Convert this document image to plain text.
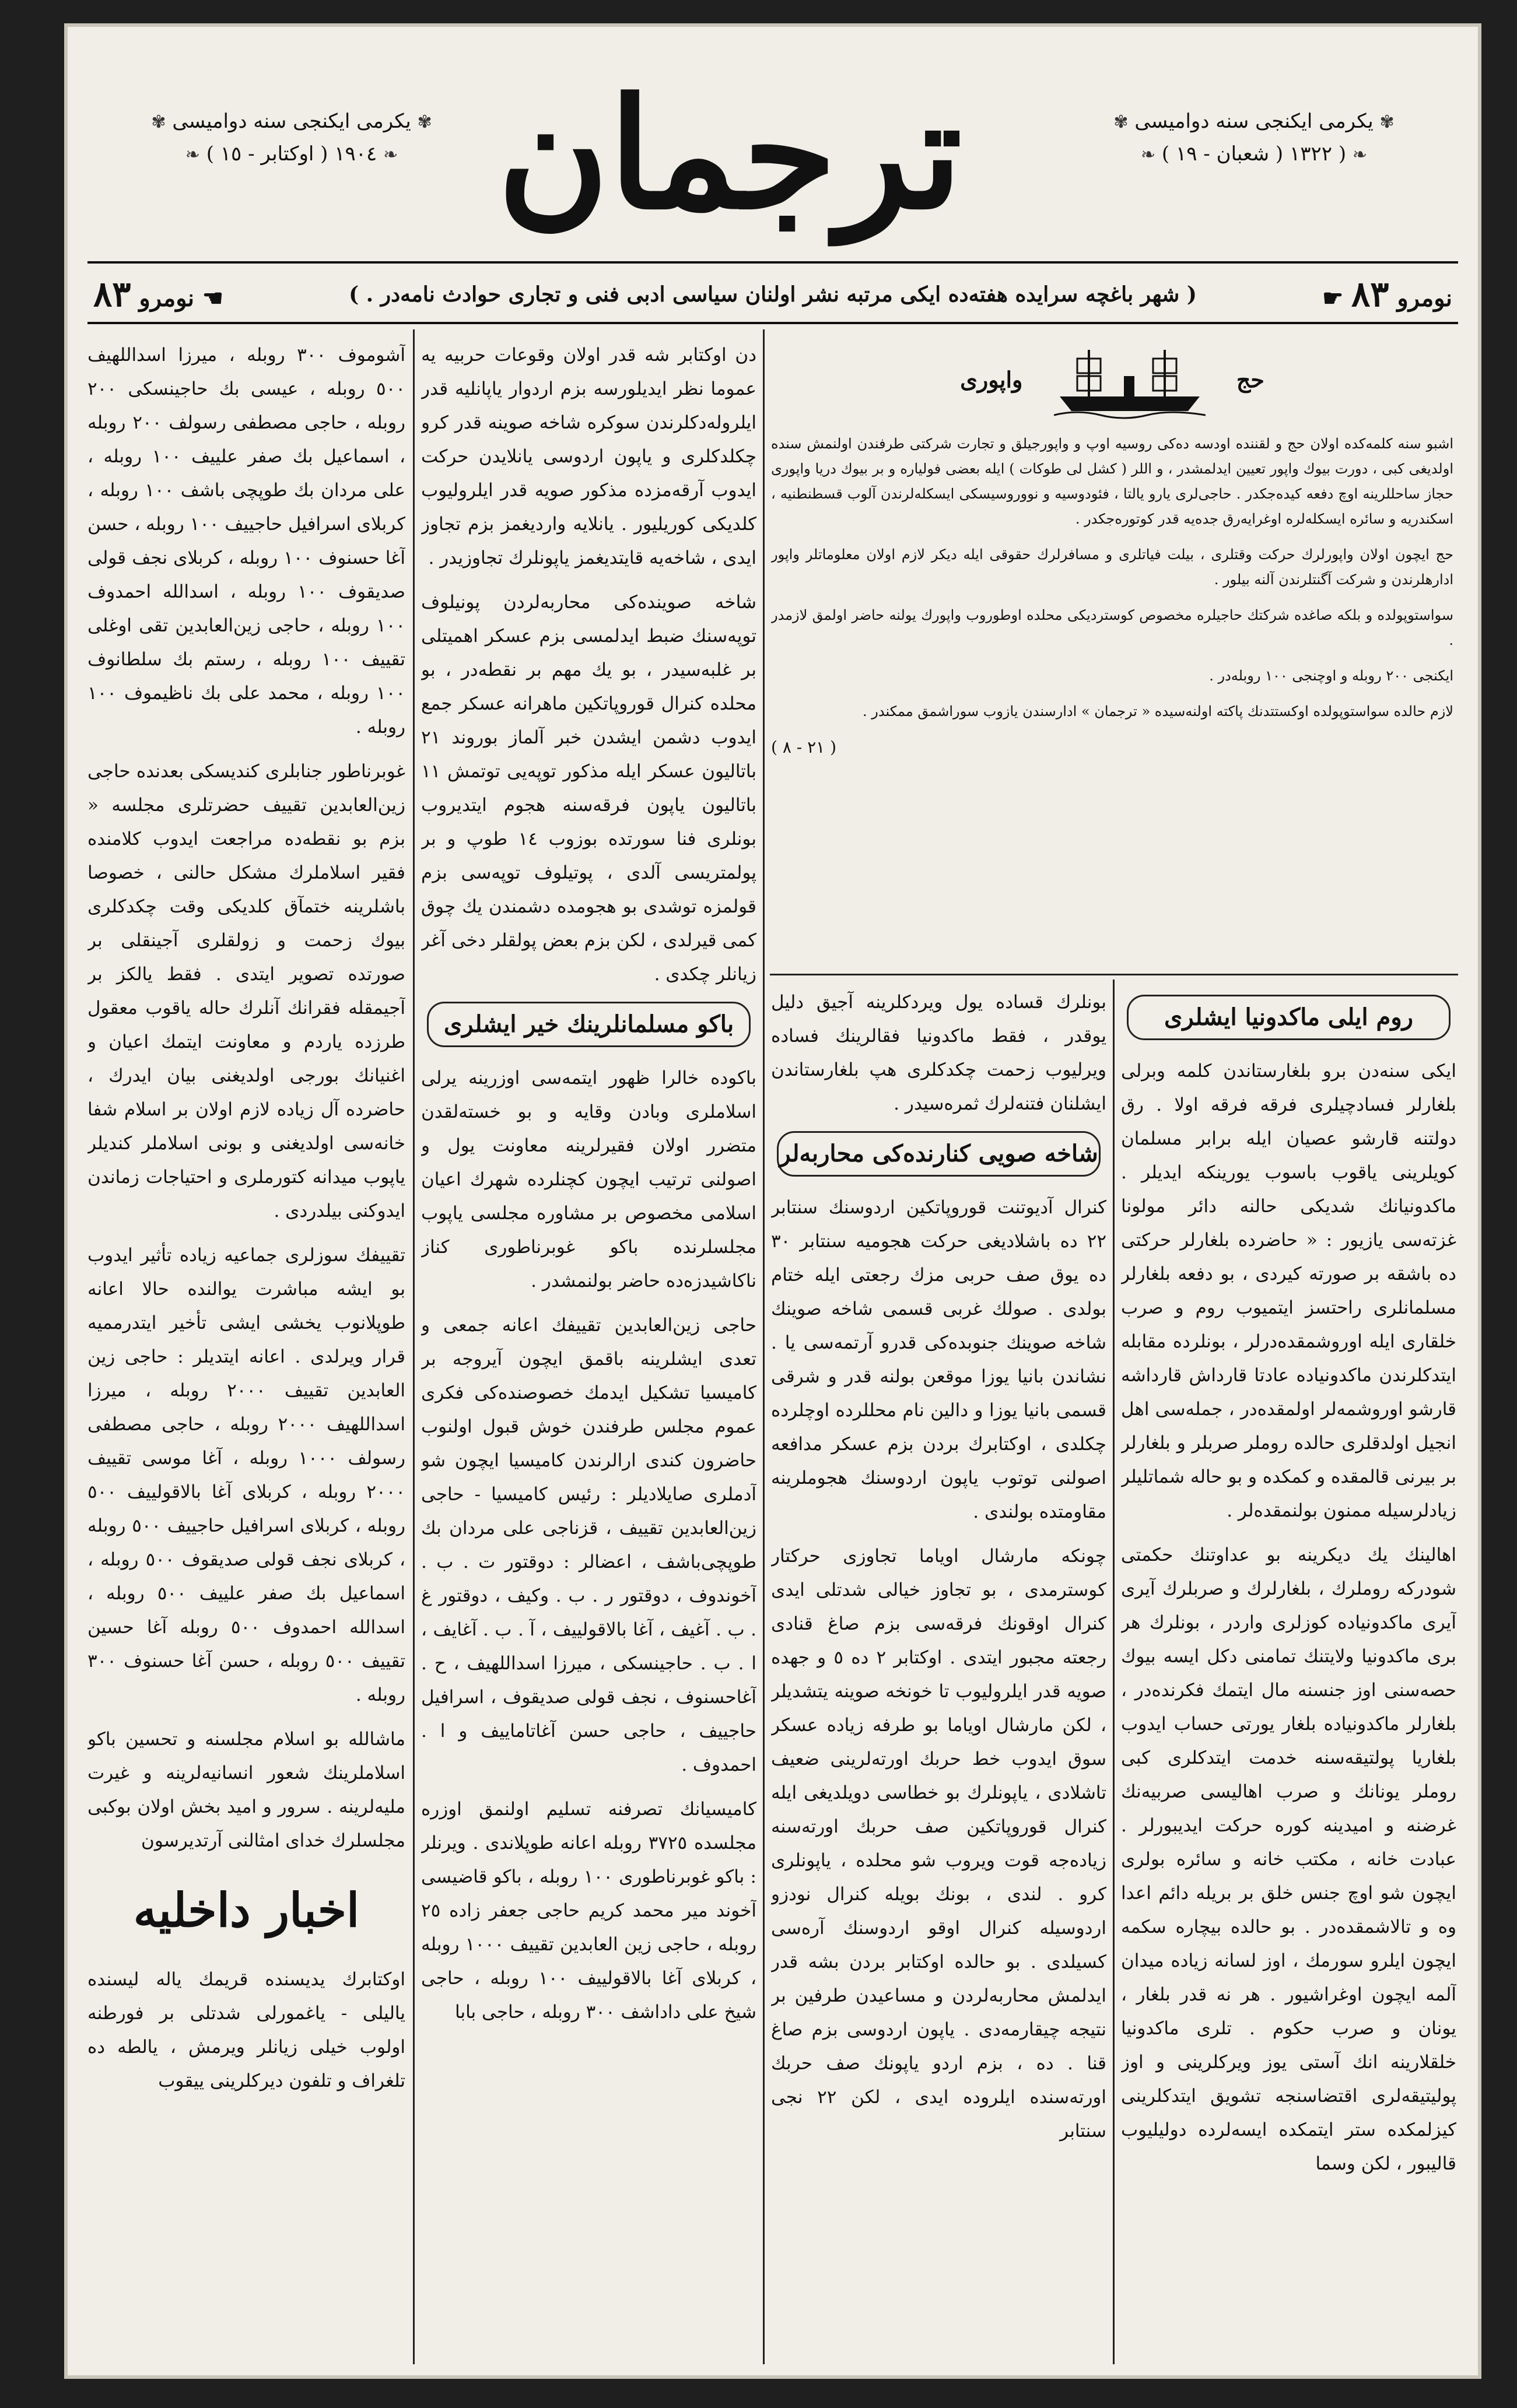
✾ یکرمی ایکنجی سنه دوامیسی ✾
❧ ١٩٠٤ ( اوکتابر - ١٥ ) ❧	ترجمان	✾ یکرمی ایکنجی سنه دوامیسی ✾
❧ ( ١٣٢٢ ( شعبان - ١٩ ) ❧
نومرو ٨٣ ☛
( شهر باغچه سرایده هفته‌ده ایکی مرتبه نشر اولنان سیاسی ادبی فنی و تجاری حوادث نامه‌در . )
☚ نومرو ٨٣

آشوموف ٣٠٠ روبله ، میرزا اسداللهیف ٥٠٠ روبله ، عیسی بك حاجینسکی ٢٠٠ روبله ، حاجی مصطفی رسولف ٢٠٠ روبله ، اسماعیل بك صفر علییف ١٠٠ روبله ، علی مردان بك طوپچی باشف ١٠٠ روبله ، کربلای اسرافیل حاجییف ١٠٠ روبله ، حسن آغا حسنوف ١٠٠ روبله ، کربلای نجف قولی صدیقوف ١٠٠ روبله ، اسدالله احمدوف ١٠٠ روبله ، حاجی زین‌العابدین تقی اوغلی تقییف ١٠٠ روبله ، رستم بك سلطانوف ١٠٠ روبله ، محمد علی بك ناظیموف ١٠٠ روبله .

غوبرناطور جنابلری کندیسکی بعدنده حاجی زین‌العابدین تقییف حضرتلری مجلسه « بزم بو نقطه‌ده مراجعت ایدوب کلامنده فقیر اسلاملرك مشکل حالنی ، خصوصا باشلرینه ختمآق کلدیکی وقت چکدکلری بیوك زحمت و زولقلری آجینقلی بر صورتده تصویر ایتدی . فقط یالکز بر آجیمقله فقرانك آنلرك حاله یاقوب معقول طرزده یاردم و معاونت ایتمك اعیان و اغنیانك بورجی اولدیغنی بیان ایدرك ، حاضرده آل زیاده لازم اولان بر اسلام شفا خانه‌سی اولدیغنی و بونی اسلاملر کندیلر یاپوب میدانه کتورملری و احتیاجات زماندن ایدوکنی بیلدردی .

تقییفك سوزلری جماعیه زیاده تأثیر ایدوب بو ایشه مباشرت یوالنده حالا اعانه طوپلانوب یخشی ایشی تأخیر ایتدرممیه قرار ویرلدی . اعانه ایتدیلر : حاجی زین العابدین تقییف ٢٠٠٠ روبله ، میرزا اسداللهیف ٢٠٠٠ روبله ، حاجی مصطفی رسولف ١٠٠٠ روبله ، آغا موسی تقییف ٢٠٠٠ روبله ، کربلای آغا بالاقولییف ٥٠٠ روبله ، کربلای اسرافیل حاجییف ٥٠٠ روبله ، کربلای نجف قولی صدیقوف ٥٠٠ روبله ، اسماعیل بك صفر علییف ٥٠٠ روبله ، اسدالله احمدوف ٥٠٠ روبله آغا حسین تقییف ٥٠٠ روبله ، حسن آغا حسنوف ٣٠٠ روبله .

ماشالله بو اسلام مجلسنه و تحسین باکو اسلاملرینك شعور انسانیه‌لرینه و غیرت ملیه‌لرینه . سرور و امید بخش اولان بوکبی مجلسلرك خدای امثالنی آرتدیرسون

اخبار داخلیه

اوکتابرك یدیسنده قریمك یاله لیسنده یالیلی - یاغمورلی شدتلی بر فورطنه اولوب خیلی زیانلر ویرمش ، یالطه ده تلغراف و تلفون دیرکلرینی ییقوب

دن اوکتابر شه قدر اولان وقوعات حربیه یه عموما نظر ایدیلورسه بزم اردوار یاپانلیه قدر ایلروله‌دکلرندن سوکره شاخه صوینه قدر کرو چکلدکلری و یاپون اردوسی یانلایدن حرکت ایدوب آرقه‌مزده مذکور صویه قدر ایلرولیوب کلدیکی کوریلیور . یانلایه واردیغمز بزم تجاوز ایدی ، شاخه‌یه قایتدیغمز یاپونلرك تجاوزیدر .

شاخه صوینده‌کی محاربه‌لردن پونیلوف توپه‌سنك ضبط ایدلمسی بزم عسکر اهمیتلی بر غلبه‌سیدر ، بو یك مهم بر نقطه‌در ، بو محلده کنرال قوروپاتکین ماهرانه عسکر جمع ایدوب دشمن ایشدن خبر آلماز بوروند ٢١ باتالیون عسکر ایله مذکور توپه‌یی توتمش ١١ باتالیون یاپون فرقه‌سنه هجوم ایتدیروب بونلری فنا سورتده بوزوب ١٤ طوپ و بر پولمتریسی آلدی ، پوتیلوف توپه‌سی بزم قولمزه توشدی بو هجومده دشمندن یك چوق کمی قیرلدی ، لکن بزم بعض پولقلر دخی آغر زیانلر چکدی .

باکو مسلمانلرینك خیر ایشلری

باکوده خالرا ظهور ایتمه‌سی اوزرینه یرلی اسلاملری وبادن وقایه و بو خسته‌لقدن متضرر اولان فقیرلرینه معاونت یول و اصولنی ترتیب ایچون کچنلرده شهرك اعیان اسلامی مخصوص بر مشاوره مجلسی یاپوب مجلسلرنده باکو غوبرناطوری کناز ناکاشیدزه‌ده حاضر بولنمشدر .

حاجی زین‌العابدین تقییفك اعانه جمعی و تعدی ایشلرینه باقمق ایچون آیروجه بر کامیسیا تشکیل ایدمك خصوصنده‌کی فکری عموم مجلس طرفندن خوش قبول اولنوب حاضرون کندی ارالرندن کامیسیا ایچون شو آدملری صایلادیلر : رئیس کامیسیا - حاجی زین‌العابدین تقییف ، قزناجی علی مردان بك طوپچی‌باشف ، اعضالر : دوقتور ت . ب . آخوندوف ، دوقتور ر . ب . وکیف ، دوقتور غ . ب . آغیف ، آغا بالاقولییف ، آ . ب . آغایف ، ا . ب . حاجینسکی ، میرزا اسداللهیف ، ح . آغاحسنوف ، نجف قولی صدیقوف ، اسرافیل حاجییف ، حاجی حسن آغاتاماییف و ا . احمدوف .

کامیسیانك تصرفنه تسلیم اولنمق اوزره مجلسده ٣٧٢٥ روبله اعانه طوپلاندی . ویرنلر : باکو غوبرناطوری ١٠٠ روبله ، باکو قاضیسی آخوند میر محمد کریم حاجی جعفر زاده ٢٥ روبله ، حاجی زین العابدین تقییف ١٠٠٠ روبله ، کربلای آغا بالاقولییف ١٠٠ روبله ، حاجی شیخ علی داداشف ٣٠٠ روبله ، حاجی بابا

حج  واپوری

اشبو سنه کلمه‌کده اولان حج و لقننده اودسه ده‌کی روسیه اوپ و واپورجیلق و تجارت شرکتی طرفندن اولنمش سنده اولدیغی کبی ، دورت بیوك واپور تعیین ایدلمشدر ، و اللر ( کشل لی طوکات ) ایله بعضی فولیاره و بر بیوك دریا واپوری حجاز ساحللرینه اوچ دفعه کیده‌جکدر . حاجی‌لری یارو یالتا ، فئودوسیه و نووروسیسکی ایسکله‌لرندن آلوب قسطنطنیه ، اسکندریه و سائره ایسکله‌لره اوغرایه‌رق جده‌یه قدر کوتوره‌جکدر .

حج ایچون اولان واپورلرك حرکت وقتلری ، بیلت فیاتلری و مسافرلرك حقوقی ایله دیکر لازم اولان معلوماتلر واپور ادارهلرندن و شرکت آگنتلرندن آلنه بیلور .

سواستوپولده و بلکه صاغده شرکتك حاجیلره مخصوص کوستردیکی محلده اوطوروب واپورك یولنه حاضر اولمق لازمدر .

ایکنجی ٢٠٠ روبله و اوچنجی ١٠٠ روبله‌در .

لازم حالده سواستوپولده اوکستتدنك پاکته اولنه‌سیده « ترجمان » ادارسندن یازوب سوراشمق ممکندر .

( ٢١ - ٨ )

بونلرك قساده یول ویردکلرینه آجیق دلیل یوقدر ، فقط ماکدونیا فقالرینك فساده ویرلیوب زحمت چکدکلری هپ بلغارستاندن ایشلنان فتنه‌لرك ثمره‌سیدر .

شاخه صویی کنارنده‌کی محاربه‌لر

کنرال آدیوتنت قوروپاتکین اردوسنك سنتابر ٢٢ ده باشلادیغی حرکت هجومیه سنتابر ٣٠ ده یوق صف حربی مزك رجعتی ایله ختام بولدی . صولك غربی قسمی شاخه صوینك شاخه صوینك جنوبده‌کی قدرو آرتمه‌سی یا . نشاندن بانیا یوزا موقعن بولنه قدر و شرقی قسمی بانیا یوزا و دالین نام محللرده اوچلرده چکلدی ، اوکتابرك بردن بزم عسکر مدافعه اصولنی توتوب یاپون اردوسنك هجوملرینه مقاومتده بولندی .

چونکه مارشال اویاما تجاوزی حرکتار کوسترمدی ، بو تجاوز خیالی شدتلی ایدی کنرال اوقونك فرقه‌سی بزم صاغ قنادی رجعته مجبور ایتدی . اوکتابر ٢ ده ٥ و جهده صویه قدر ایلرولیوب تا خونخه صوینه یتشدیلر ، لکن مارشال اویاما بو طرفه زیاده عسکر سوق ایدوب خط حربك اورته‌لرینی ضعیف تاشلادی ، یاپونلرك بو خطاسی دویلدیغی ایله کنرال قوروپاتکین صف حربك اورته‌سنه زیاده‌جه قوت ویروب شو محلده ، یاپونلری کرو . لندی ، بونك بویله کنرال نودزو اردوسیله کنرال اوقو اردوسنك آره‌سی کسیلدی . بو حالده اوکتابر بردن بشه قدر ایدلمش محاربه‌لردن و مساعیدن طرفین بر نتیجه چیقارمه‌دی . یاپون اردوسی بزم صاغ قنا . ده ، بزم اردو یاپونك صف حربك اورته‌سنده ایلروده ایدی ، لکن ٢٢ نجی سنتابر

روم ایلی ماکدونیا ایشلری

ایکی سنه‌دن برو بلغارستاندن کلمه وبرلی بلغارلر فسادچیلری فرقه فرقه اولا . رق دولتنه قارشو عصیان ایله برابر مسلمان کویلرینی یاقوب باسوب یورینکه ایدیلر . ماکدونیانك شدیکی حالنه دائر مولونا غزته‌سی یازیور : « حاضرده بلغارلر حرکتی ده باشقه بر صورته کیردی ، بو دفعه بلغارلر مسلمانلری راحتسز ایتمیوب روم و صرب خلقاری ایله اوروشمقده‌درلر ، بونلرده مقابله ایتدکلرندن ماکدونیاده عادتا قارداش قارداشه قارشو اوروشمه‌لر اولمقده‌در ، جمله‌سی اهل انجیل اولدقلری حالده روملر صربلر و بلغارلر بر بیرنی قالمقده و کمکده و بو حاله شماتلیلر زیادلرسیله ممنون بولنمقده‌لر .

اهالینك یك دیکرینه بو عداوتنك حکمتی شودرکه روملرك ، بلغارلرك و صربلرك آیری آیری ماکدونیاده کوزلری واردر ، بونلرك هر بری ماکدونیا ولایتنك تمامنی دکل ایسه بیوك حصه‌سنی اوز جنسنه مال ایتمك فکرنده‌در ، بلغارلر ماکدونیاده بلغار یورتی حساب ایدوب بلغاریا پولتیقه‌سنه خدمت ایتدکلری کبی روملر یونانك و صرب اهالیسی صربیه‌نك غرضنه و امیدینه کوره حرکت ایدیبورلر . عبادت خانه ، مکتب خانه و سائره بولری ایچون شو اوچ جنس خلق بر بریله دائم اعدا وه و تالاشمقده‌در . بو حالده بیچاره سکمه ایچون ایلرو سورمك ، اوز لسانه زیاده میدان آلمه ایچون اوغراشیور . هر نه قدر بلغار ، یونان و صرب حکوم . تلری ماکدونیا خلقلارینه انك آستی یوز ویرکلرینی و اوز پولیتیقه‌لری اقتضاسنجه تشویق ایتدکلرینی کیزلمکده ستر ایتمکده ایسه‌لرده دولیلیوب قالیبور ، لکن وسما
